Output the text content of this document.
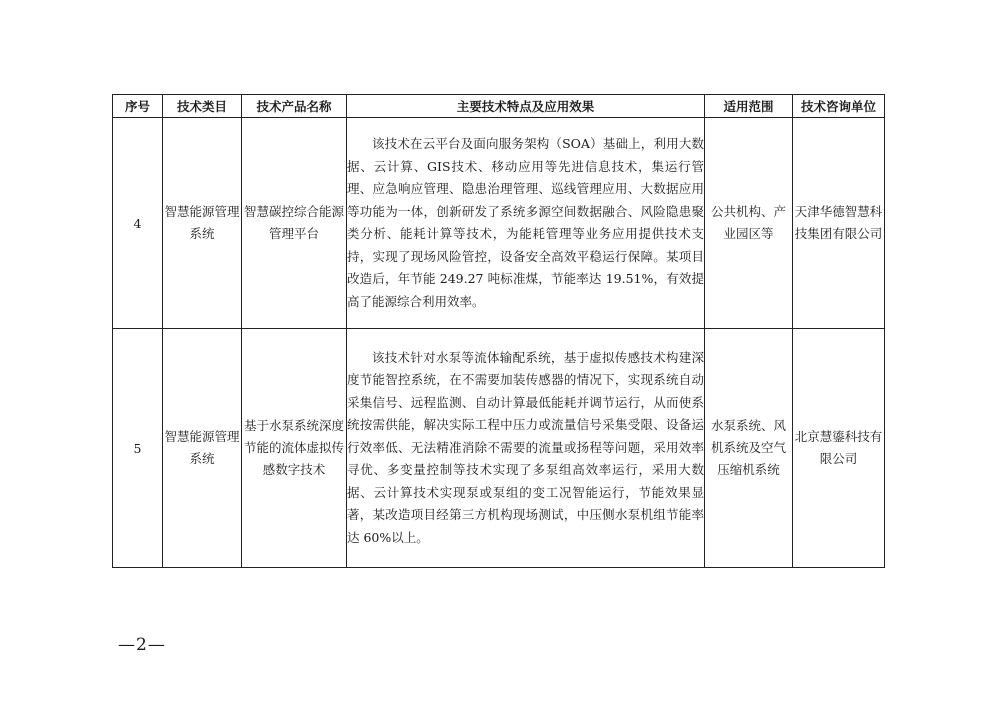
序号	技术类目	技术产品名称	主要技术特点及应用效果	适用范围	技术咨询单位
4	智慧能源管理系统	智慧碳控综合能源管理平台	该技术在云平台及面向服务架构（SOA）基础上，利用大数据、云计算、GIS技术、移动应用等先进信息技术，集运行管理、应急响应管理、隐患治理管理、巡线管理应用、大数据应用等功能为一体，创新研发了系统多源空间数据融合、风险隐患聚类分析、能耗计算等技术，为能耗管理等业务应用提供技术支持，实现了现场风险管控，设备安全高效平稳运行保障。某项目改造后，年节能 249.27 吨标准煤，节能率达 19.51%，有效提高了能源综合利用效率。	公共机构、产业园区等	天津华德智慧科技集团有限公司
5	智慧能源管理系统	基于水泵系统深度节能的流体虚拟传感数字技术	该技术针对水泵等流体输配系统，基于虚拟传感技术构建深度节能智控系统，在不需要加装传感器的情况下，实现系统自动采集信号、远程监测、自动计算最低能耗并调节运行，从而使系统按需供能，解决实际工程中压力或流量信号采集受限、设备运行效率低、无法精准消除不需要的流量或扬程等问题，采用效率寻优、多变量控制等技术实现了多泵组高效率运行，采用大数据、云计算技术实现泵或泵组的变工况智能运行，节能效果显著，某改造项目经第三方机构现场测试，中压侧水泵机组节能率达 60%以上。	水泵系统、风机系统及空气压缩机系统	北京慧鎏科技有限公司
—2—
